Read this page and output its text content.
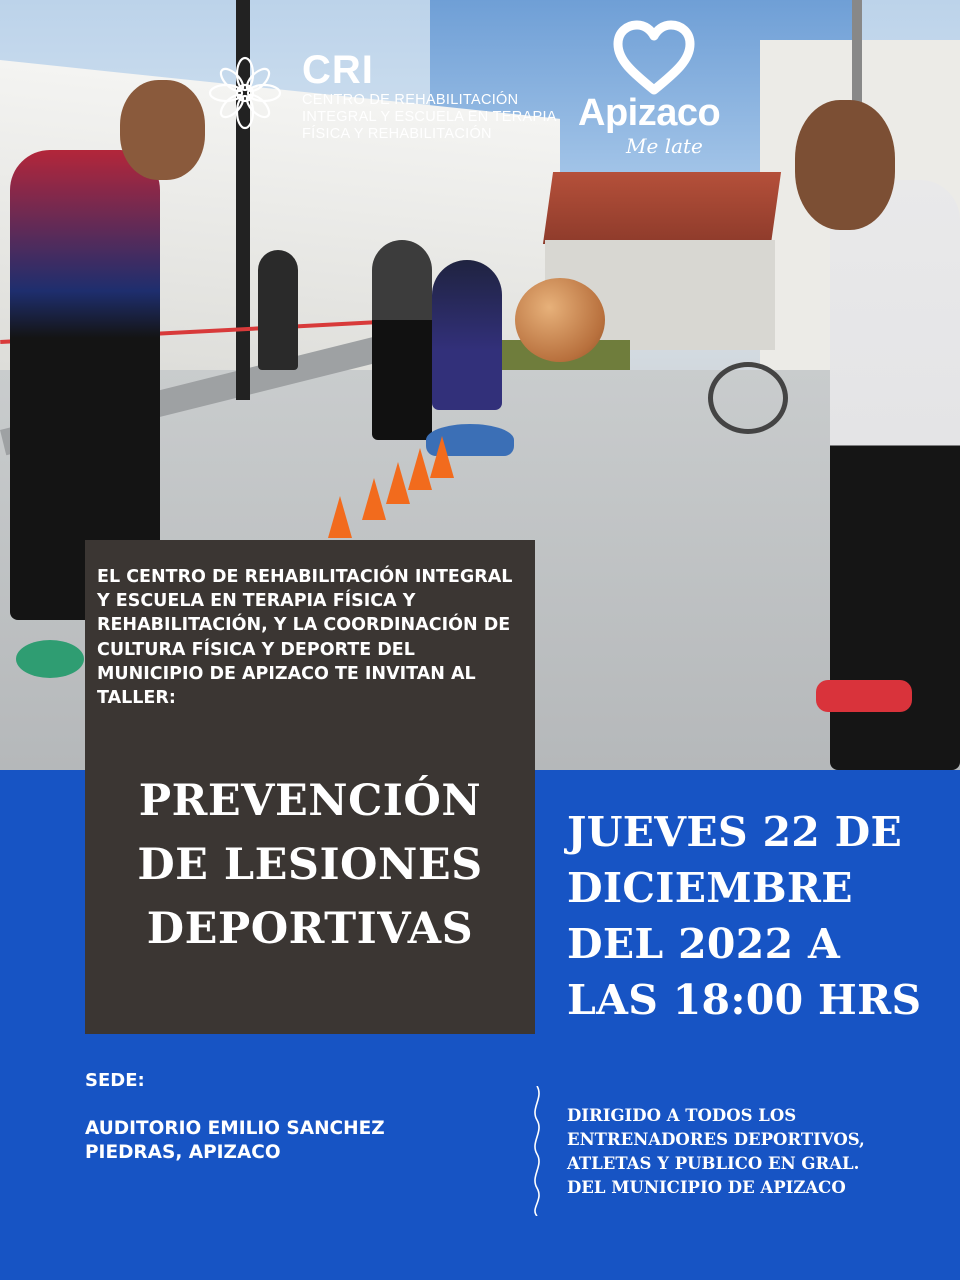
CRI
CENTRO DE REHABILITACIÓN
INTEGRAL Y ESCUELA EN TERAPIA
FÍSICA Y REHABILITACIÓN Apizaco
Me late
EL CENTRO DE REHABILITACIÓN INTEGRAL Y ESCUELA EN TERAPIA FÍSICA Y REHABILITACIÓN, Y LA COORDINACIÓN DE CULTURA FÍSICA Y DEPORTE DEL MUNICIPIO DE APIZACO TE INVITAN AL TALLER:
PREVENCIÓN
DE LESIONES
DEPORTIVAS
JUEVES 22 DE
DICIEMBRE
DEL 2022 A
LAS 18:00 HRS
SEDE:
AUDITORIO EMILIO SANCHEZ
PIEDRAS, APIZACO
DIRIGIDO A TODOS LOS
ENTRENADORES DEPORTIVOS,
ATLETAS Y PUBLICO EN GRAL.
DEL MUNICIPIO DE APIZACO
